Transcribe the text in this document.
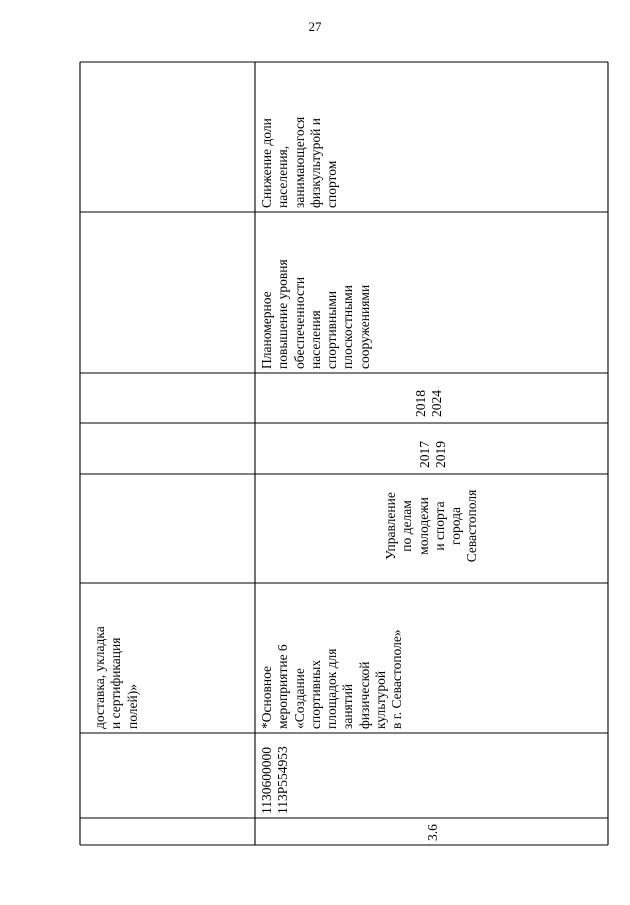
27
доставка, укладка и сертификация полей)»
3.6
1130600000 113P554953
*Основное мероприятие 6 «Создание спортивных площадок для занятий физической культурой в г. Севастополе»
Управление по делам молодежи и спорта города Севастополя
2017 2019
2018 2024
Планомерное повышение уровня обеспеченности населения спортивными плоскостными сооружениями
Снижение доли населения, занимающегося физкультурой и спортом
